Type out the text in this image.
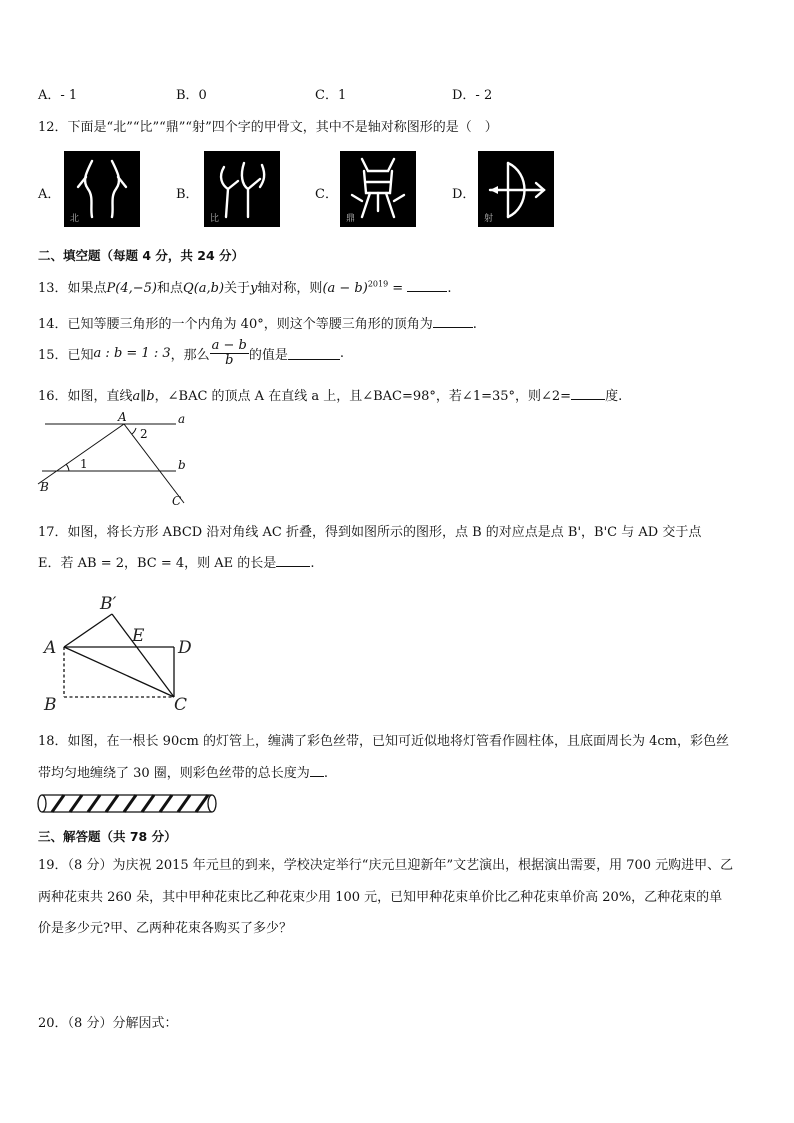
A．- 1	B．0	C．1	D．- 2
12．下面是“北”“比”“鼎”“射”四个字的甲骨文，其中不是轴对称图形的是（　）
A．
北
B．
比
C．
鼎
D．
射
二、填空题（每题 4 分，共 24 分）
13．如果点P(4,−5)和点Q(a,b)关于y轴对称，则$(a - b)^{2019}$ =	.
14．已知等腰三角形的一个内角为 40°，则这个等腰三角形的顶角为	.
15．已知a : b = 1 : 3，那么 $\frac{a - b}{b}$ 的值是	.
16．如图，直线a∥b，∠BAC 的顶点 A 在直线 a 上，且∠BAC=98°，若∠1=35°，则∠2=	度.
A	a
b
B
C
1
2
17．如图，将长方形 ABCD 沿对角线 AC 折叠，得到如图所示的图形，点 B 的对应点是点 B'，B'C 与 AD 交于点
E．若 AB = 2，BC = 4，则 AE 的长是	.
B′
E
A	D
B	C
18．如图，在一根长 90cm 的灯管上，缠满了彩色丝带，已知可近似地将灯管看作圆柱体，且底面周长为 4cm，彩色丝
带均匀地缠绕了 30 圈，则彩色丝带的总长度为 .
三、解答题（共 78 分）
19．（8 分）为庆祝 2015 年元旦的到来，学校决定举行“庆元旦迎新年”文艺演出，根据演出需要，用 700 元购进甲、乙
两种花束共 260 朵，其中甲种花束比乙种花束少用 100 元，已知甲种花束单价比乙种花束单价高 20%，乙种花束的单
价是多少元?甲、乙两种花束各购买了多少？
20．（8 分）分解因式：
